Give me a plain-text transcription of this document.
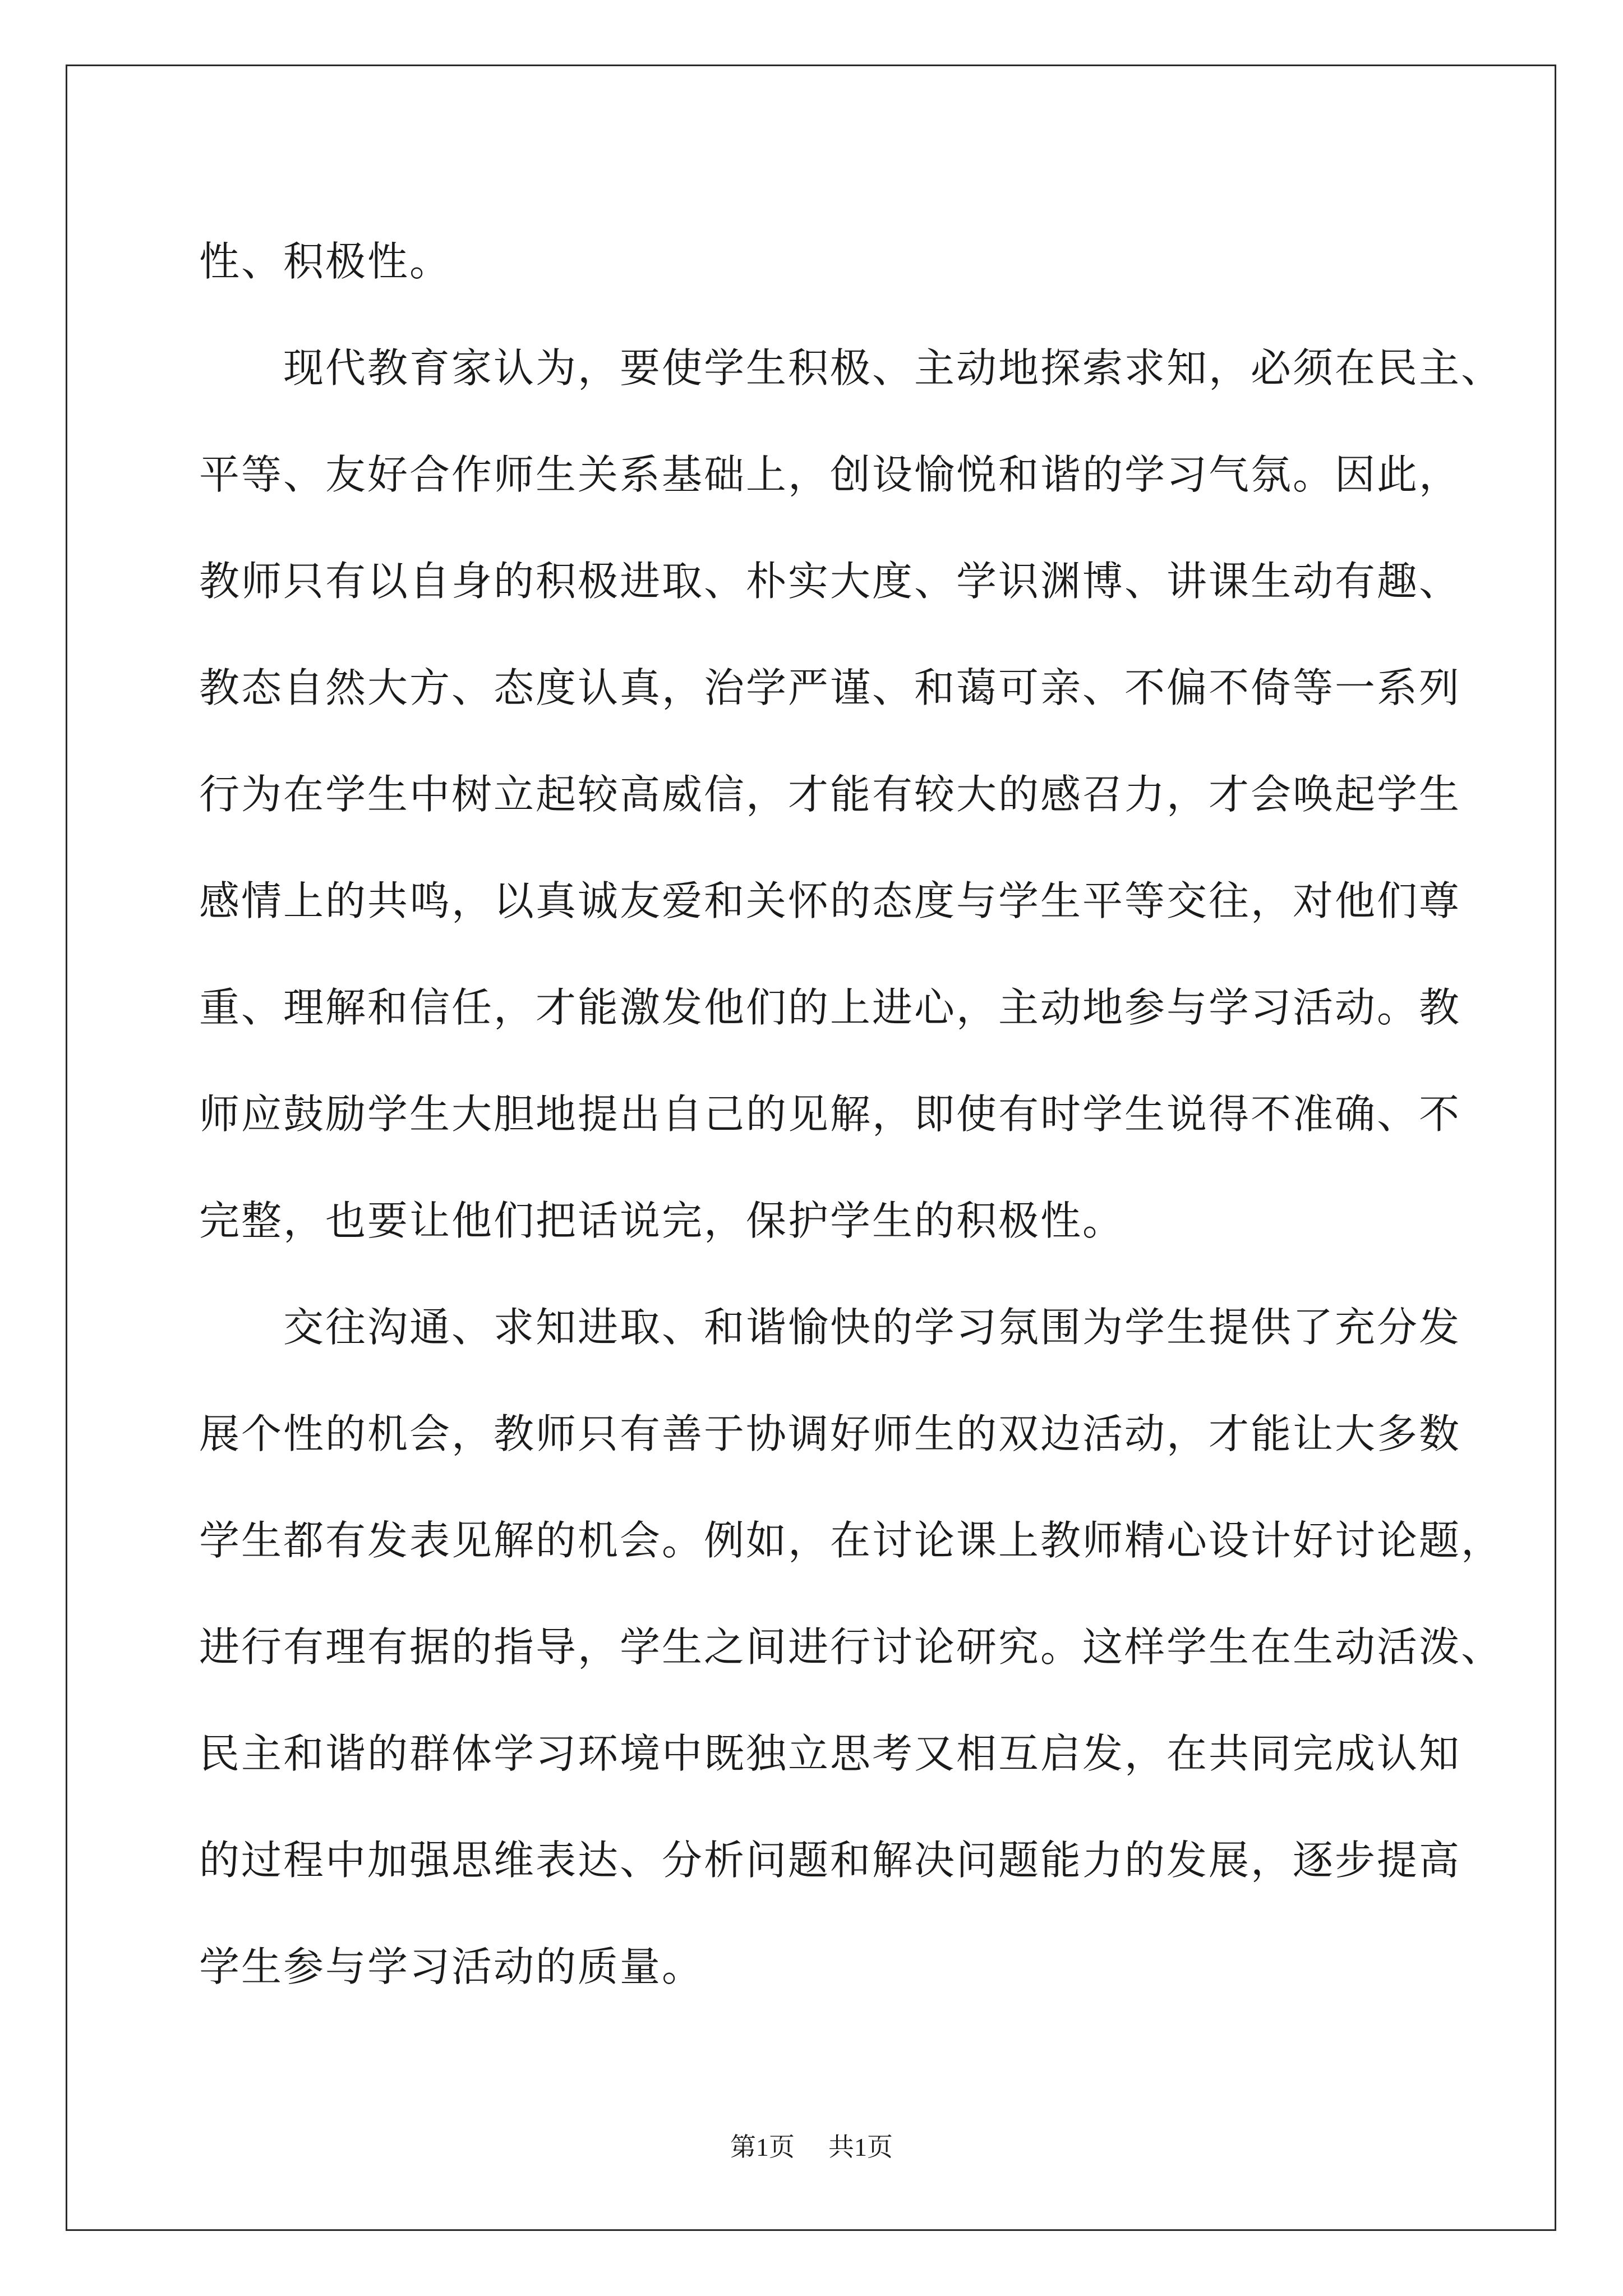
性、积极性。
　　现代教育家认为，要使学生积极、主动地探索求知，必须在民主、
平等、友好合作师生关系基础上，创设愉悦和谐的学习气氛。因此，
教师只有以自身的积极进取、朴实大度、学识渊博、讲课生动有趣、
教态自然大方、态度认真，治学严谨、和蔼可亲、不偏不倚等一系列
行为在学生中树立起较高威信，才能有较大的感召力，才会唤起学生
感情上的共鸣，以真诚友爱和关怀的态度与学生平等交往，对他们尊
重、理解和信任，才能激发他们的上进心，主动地参与学习活动。教
师应鼓励学生大胆地提出自己的见解，即使有时学生说得不准确、不
完整，也要让他们把话说完，保护学生的积极性。
　　交往沟通、求知进取、和谐愉快的学习氛围为学生提供了充分发
展个性的机会，教师只有善于协调好师生的双边活动，才能让大多数
学生都有发表见解的机会。例如，在讨论课上教师精心设计好讨论题，
进行有理有据的指导，学生之间进行讨论研究。这样学生在生动活泼、
民主和谐的群体学习环境中既独立思考又相互启发，在共同完成认知
的过程中加强思维表达、分析问题和解决问题能力的发展，逐步提高
学生参与学习活动的质量。
第1页 共1页
